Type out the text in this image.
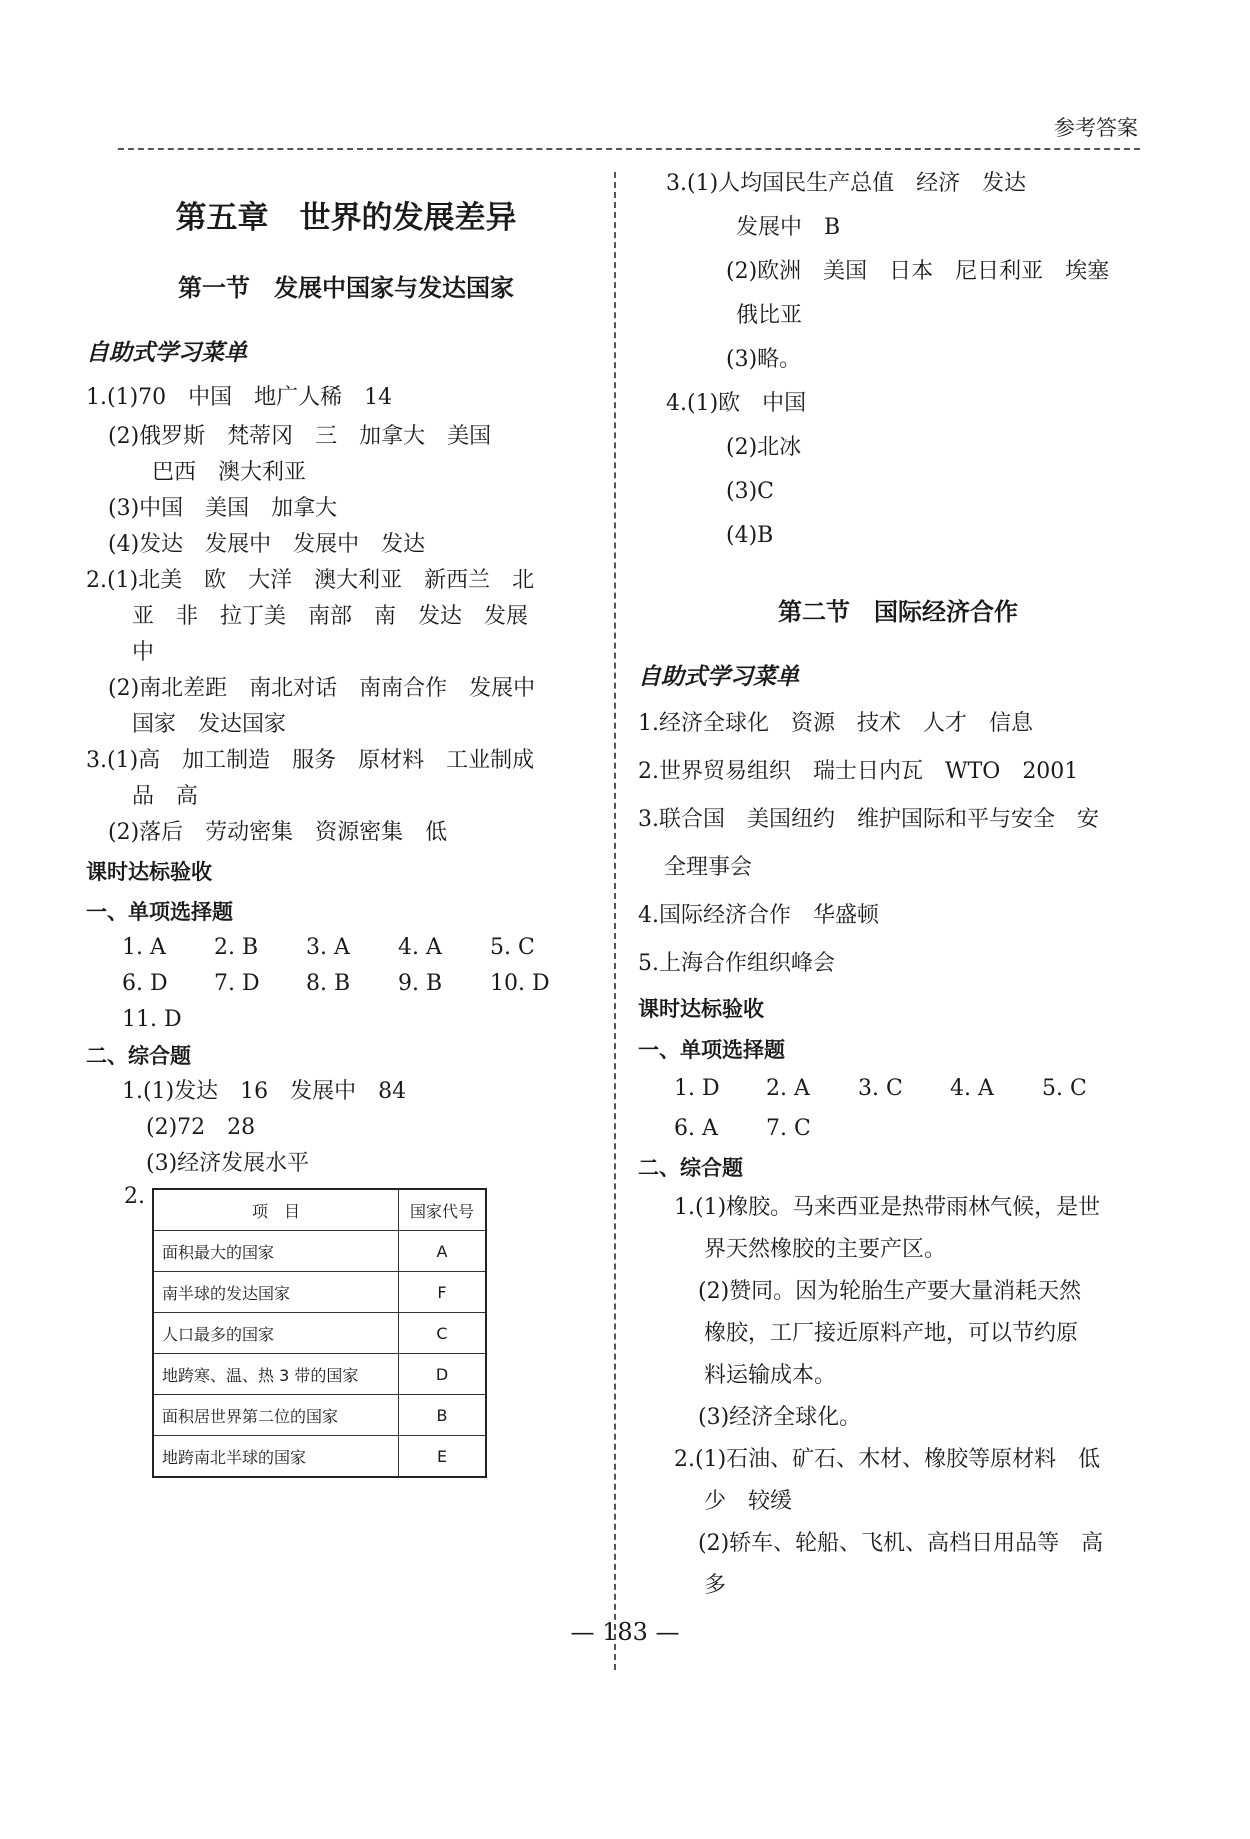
参考答案
第五章　世界的发展差异
第一节　发展中国家与发达国家
自助式学习菜单
1.(1)70　中国　地广人稀　14
(2)俄罗斯　梵蒂冈　三　加拿大　美国
巴西　澳大利亚
(3)中国　美国　加拿大
(4)发达　发展中　发展中　发达
2.(1)北美　欧　大洋　澳大利亚　新西兰　北
亚　非　拉丁美　南部　南　发达　发展
中
(2)南北差距　南北对话　南南合作　发展中
国家　发达国家
3.(1)高　加工制造　服务　原材料　工业制成
品　高
(2)落后　劳动密集　资源密集　低
课时达标验收
一、单项选择题
1. A	2. B	3. A	4. A	5. C
6. D	7. D	8. B	9. B	10. D
11. D
二、综合题
1.(1)发达　16　发展中　84
(2)72　28
(3)经济发展水平
2.
项　目	国家代号
面积最大的国家	A
南半球的发达国家	F
人口最多的国家	C
地跨寒、温、热 3 带的国家	D
面积居世界第二位的国家	B
地跨南北半球的国家	E
3.(1)人均国民生产总值　经济　发达
发展中　B
(2)欧洲　美国　日本　尼日利亚　埃塞
俄比亚
(3)略。
4.(1)欧　中国
(2)北冰
(3)C
(4)B
第二节　国际经济合作
自助式学习菜单
1.经济全球化　资源　技术　人才　信息
2.世界贸易组织　瑞士日内瓦　WTO　2001
3.联合国　美国纽约　维护国际和平与安全　安
全理事会
4.国际经济合作　华盛顿
5.上海合作组织峰会
课时达标验收
一、单项选择题
1. D	2. A	3. C	4. A	5. C
6. A	7. C
二、综合题
1.(1)橡胶。马来西亚是热带雨林气候，是世
界天然橡胶的主要产区。
(2)赞同。因为轮胎生产要大量消耗天然
橡胶，工厂接近原料产地，可以节约原
料运输成本。
(3)经济全球化。
2.(1)石油、矿石、木材、橡胶等原材料　低
少　较缓
(2)轿车、轮船、飞机、高档日用品等　高
多
— 183 —
